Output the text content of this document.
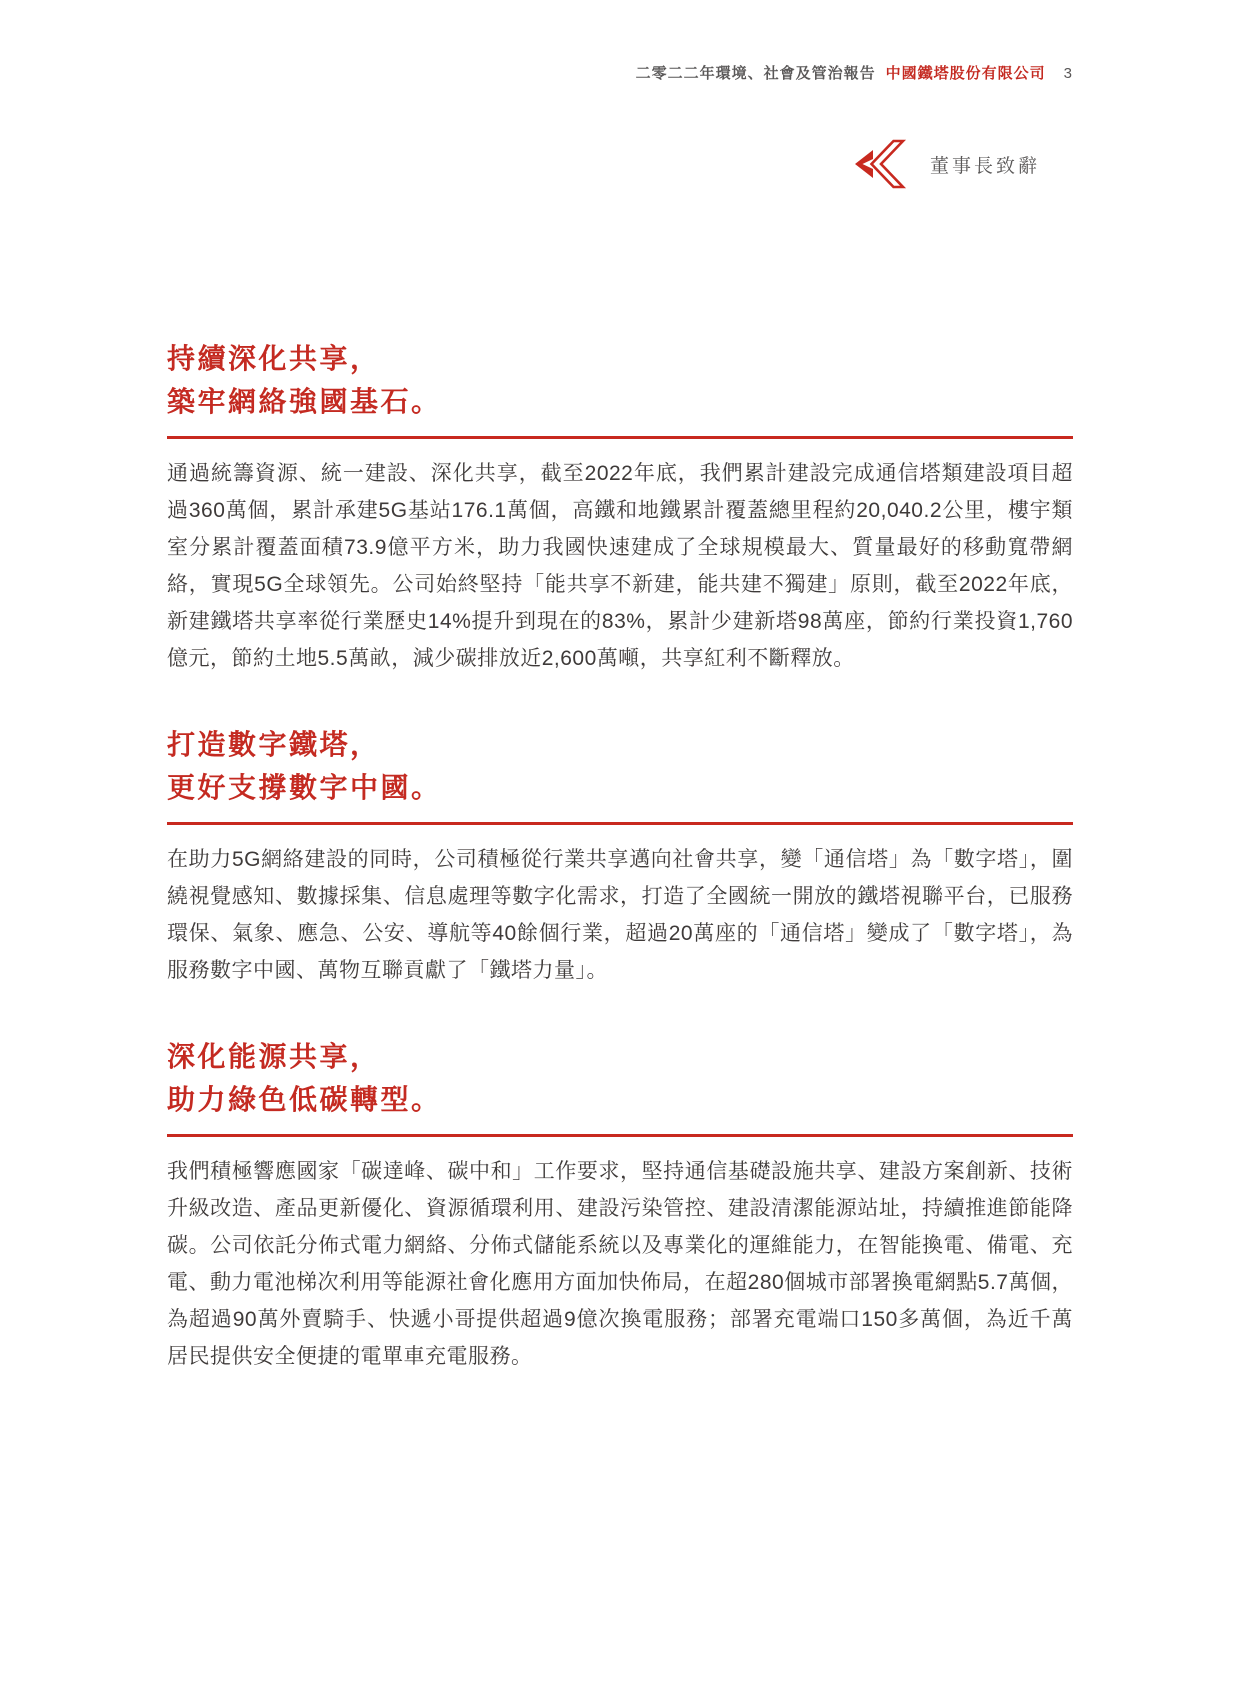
二零二二年環境、社會及管治報告 中國鐵塔股份有限公司 3
董事長致辭
持續深化共享，
築牢網絡強國基石。

通過統籌資源、統一建設、深化共享，截至2022年底，我們累計建設完成通信塔類建設項目超過360萬個，累計承建5G基站176.1萬個，高鐵和地鐵累計覆蓋總里程約20,040.2公里，樓宇類室分累計覆蓋面積73.9億平方米，助力我國快速建成了全球規模最大、質量最好的移動寬帶網絡，實現5G全球領先。公司始終堅持「能共享不新建，能共建不獨建」原則，截至2022年底，新建鐵塔共享率從行業歷史14%提升到現在的83%，累計少建新塔98萬座，節約行業投資1,760億元，節約土地5.5萬畝，減少碳排放近2,600萬噸，共享紅利不斷釋放。

打造數字鐵塔，
更好支撐數字中國。

在助力5G網絡建設的同時，公司積極從行業共享邁向社會共享，變「通信塔」為「數字塔」，圍繞視覺感知、數據採集、信息處理等數字化需求，打造了全國統一開放的鐵塔視聯平台，已服務環保、氣象、應急、公安、導航等40餘個行業，超過20萬座的「通信塔」變成了「數字塔」，為服務數字中國、萬物互聯貢獻了「鐵塔力量」。

深化能源共享，
助力綠色低碳轉型。

我們積極響應國家「碳達峰、碳中和」工作要求，堅持通信基礎設施共享、建設方案創新、技術升級改造、產品更新優化、資源循環利用、建設污染管控、建設清潔能源站址，持續推進節能降碳。公司依託分佈式電力網絡、分佈式儲能系統以及專業化的運維能力，在智能換電、備電、充電、動力電池梯次利用等能源社會化應用方面加快佈局，在超280個城市部署換電網點5.7萬個，為超過90萬外賣騎手、快遞小哥提供超過9億次換電服務；部署充電端口150多萬個，為近千萬居民提供安全便捷的電單車充電服務。
